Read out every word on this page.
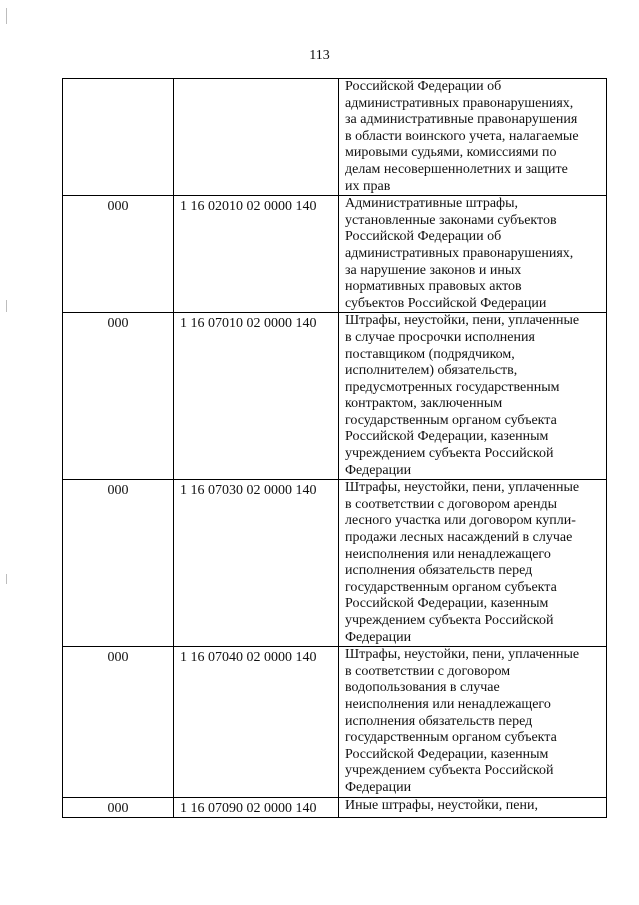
113
Российской Федерации об
административных правонарушениях,
за административные правонарушения
в области воинского учета, налагаемые
мировыми судьями, комиссиями по
делам несовершеннолетних и защите
их прав
000	1 16 02010 02 0000 140	Административные штрафы,
установленные законами субъектов
Российской Федерации об
административных правонарушениях,
за нарушение законов и иных
нормативных правовых актов
субъектов Российской Федерации
000	1 16 07010 02 0000 140	Штрафы, неустойки, пени, уплаченные
в случае просрочки исполнения
поставщиком (подрядчиком,
исполнителем) обязательств,
предусмотренных государственным
контрактом, заключенным
государственным органом субъекта
Российской Федерации, казенным
учреждением субъекта Российской
Федерации
000	1 16 07030 02 0000 140	Штрафы, неустойки, пени, уплаченные
в соответствии с договором аренды
лесного участка или договором купли-
продажи лесных насаждений в случае
неисполнения или ненадлежащего
исполнения обязательств перед
государственным органом субъекта
Российской Федерации, казенным
учреждением субъекта Российской
Федерации
000	1 16 07040 02 0000 140	Штрафы, неустойки, пени, уплаченные
в соответствии с договором
водопользования в случае
неисполнения или ненадлежащего
исполнения обязательств перед
государственным органом субъекта
Российской Федерации, казенным
учреждением субъекта Российской
Федерации
000	1 16 07090 02 0000 140	Иные штрафы, неустойки, пени,
